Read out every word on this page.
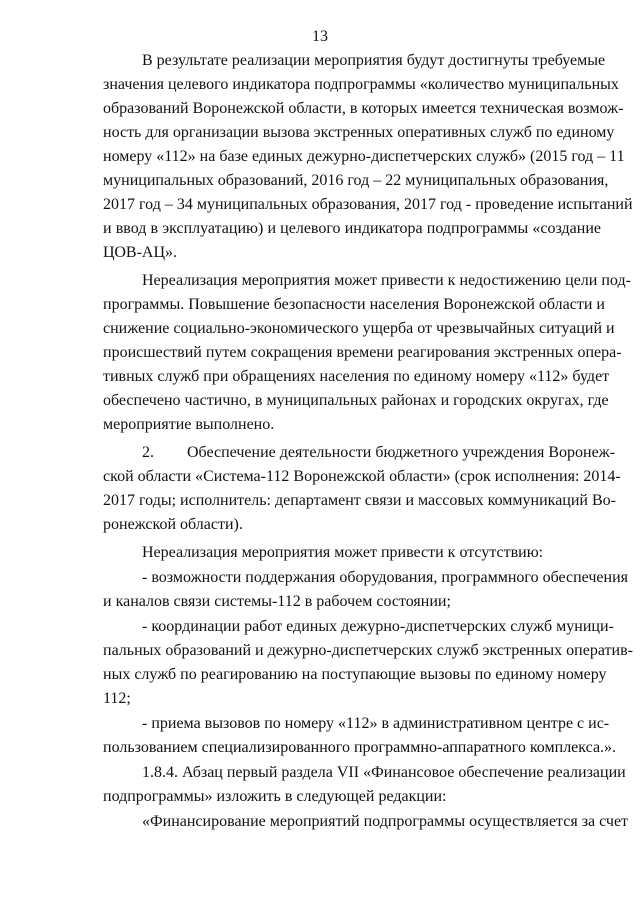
13
В результате реализации мероприятия будут достигнуты требуемые
значения целевого индикатора подпрограммы «количество муниципальных
образований Воронежской области, в которых имеется техническая возмож-
ность для организации вызова экстренных оперативных служб по единому
номеру «112» на базе единых дежурно-диспетчерских служб» (2015 год – 11
муниципальных образований, 2016 год – 22 муниципальных образования,
2017 год – 34 муниципальных образования, 2017 год - проведение испытаний
и ввод в эксплуатацию) и целевого индикатора подпрограммы «создание
ЦОВ-АЦ».
Нереализация мероприятия может привести к недостижению цели под-
программы. Повышение безопасности населения Воронежской области и
снижение социально-экономического ущерба от чрезвычайных ситуаций и
происшествий путем сокращения времени реагирования экстренных опера-
тивных служб при обращениях населения по единому номеру «112» будет
обеспечено частично, в муниципальных районах и городских округах, где
мероприятие выполнено.
2. Обеспечение деятельности бюджетного учреждения Воронеж-
ской области «Система-112 Воронежской области» (срок исполнения: 2014-
2017 годы; исполнитель: департамент связи и массовых коммуникаций Во-
ронежской области).
Нереализация мероприятия может привести к отсутствию:
- возможности поддержания оборудования, программного обеспечения
и каналов связи системы-112 в рабочем состоянии;
- координации работ единых дежурно-диспетчерских служб муници-
пальных образований и дежурно-диспетчерских служб экстренных оператив-
ных служб по реагированию на поступающие вызовы по единому номеру
112;
- приема вызовов по номеру «112» в административном центре с ис-
пользованием специализированного программно-аппаратного комплекса.».
1.8.4. Абзац первый раздела VII «Финансовое обеспечение реализации
подпрограммы» изложить в следующей редакции:
«Финансирование мероприятий подпрограммы осуществляется за счет
